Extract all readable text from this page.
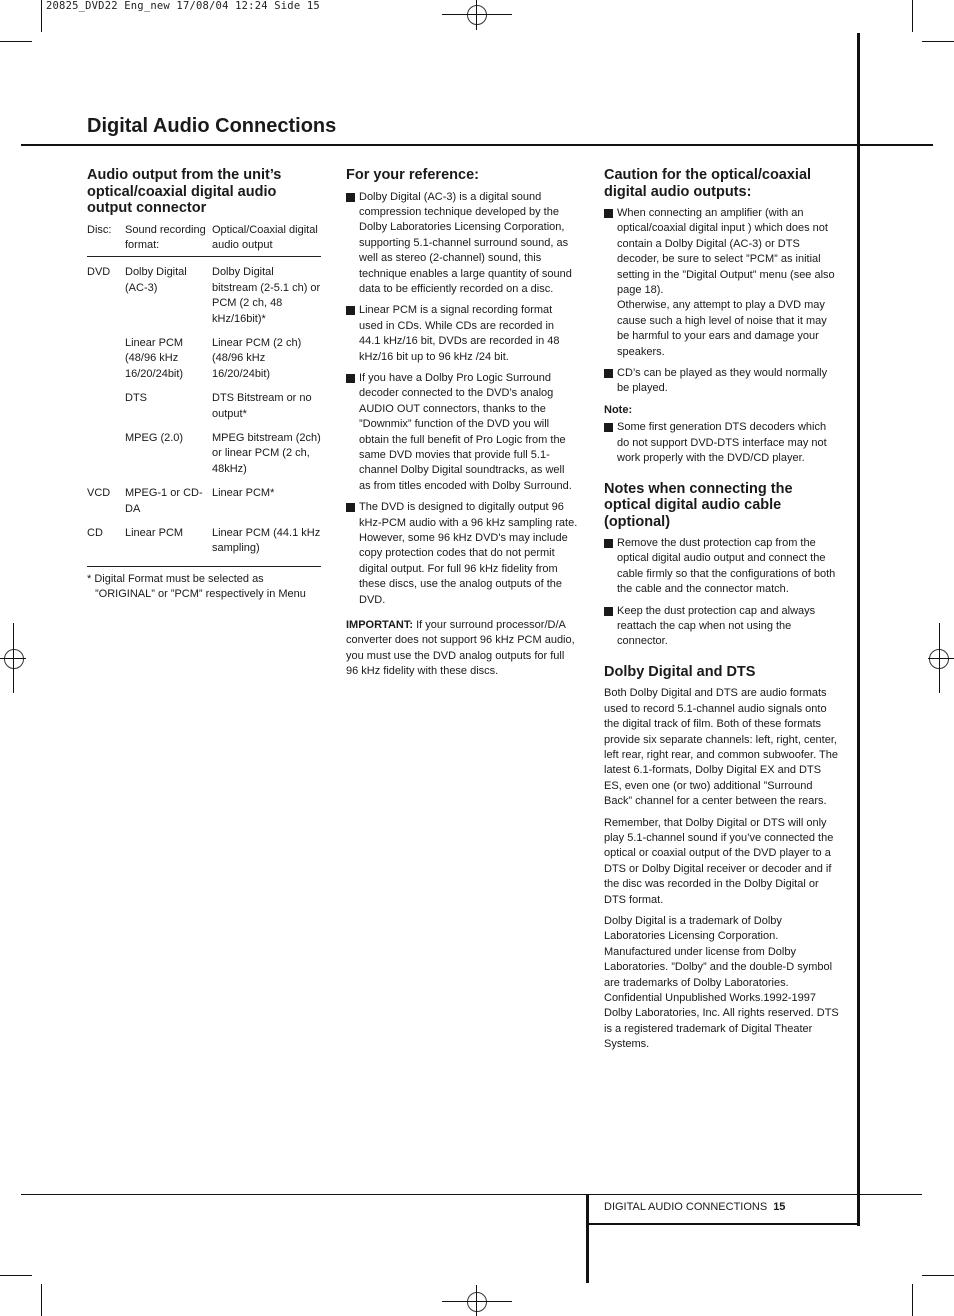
20825_DVD22 Eng_new 17/08/04 12:24 Side 15
Digital Audio Connections
Audio output from the unit’s optical/coaxial digital audio output connector
Disc:	Sound recording format:	Optical/Coaxial digital audio output
DVD	Dolby Digital (AC-3)	Dolby Digital bitstream (2-5.1 ch) or PCM (2 ch, 48 kHz/16bit)*
	Linear PCM (48/96 kHz 16/20/24bit)	Linear PCM (2 ch) (48/96 kHz 16/20/24bit)
	DTS	DTS Bitstream or no output*
	MPEG (2.0)	MPEG bitstream (2ch) or linear PCM (2 ch, 48kHz)
VCD	MPEG-1 or CD-DA	Linear PCM*
CD	Linear PCM	Linear PCM (44.1 kHz sampling)

* Digital Format must be selected as ”ORIGINAL” or ”PCM” respectively in Menu

For your reference:
Dolby Digital (AC-3) is a digital sound compression technique developed by the Dolby Laboratories Licensing Corporation, supporting 5.1-channel surround sound, as well as stereo (2-channel) sound, this technique enables a large quantity of sound data to be efficiently recorded on a disc.
Linear PCM is a signal recording format used in CDs. While CDs are recorded in 44.1 kHz/16 bit, DVDs are recorded in 48 kHz/16 bit up to 96 kHz /24 bit.
If you have a Dolby Pro Logic Surround decoder connected to the DVD’s analog AUDIO OUT connectors, thanks to the ”Downmix” function of the DVD you will obtain the full benefit of Pro Logic from the same DVD movies that provide full 5.1-channel Dolby Digital soundtracks, as well as from titles encoded with Dolby Surround.
The DVD is designed to digitally output 96 kHz-PCM audio with a 96 kHz sampling rate. However, some 96 kHz DVD's may include copy protection codes that do not permit digital output. For full 96 kHz fidelity from these discs, use the analog outputs of the DVD.

IMPORTANT: If your surround processor/D/A converter does not support 96 kHz PCM audio, you must use the DVD analog outputs for full 96 kHz fidelity with these discs.

Caution for the optical/coaxial digital audio outputs:
When connecting an amplifier (with an optical/coaxial digital input ) which does not contain a Dolby Digital (AC-3) or DTS decoder, be sure to select ”PCM” as initial setting in the ”Digital Output” menu (see also page 18).
Otherwise, any attempt to play a DVD may cause such a high level of noise that it may be harmful to your ears and damage your speakers.
CD’s can be played as they would normally be played.
Note:
Some first generation DTS decoders which do not support DVD-DTS interface may not work properly with the DVD/CD player.
Notes when connecting the optical digital audio cable (optional)
Remove the dust protection cap from the optical digital audio output and connect the cable firmly so that the configurations of both the cable and the connector match.
Keep the dust protection cap and always reattach the cap when not using the connector.
Dolby Digital and DTS

Both Dolby Digital and DTS are audio formats used to record 5.1-channel audio signals onto the digital track of film. Both of these formats provide six separate channels: left, right, center, left rear, right rear, and common subwoofer. The latest 6.1-formats, Dolby Digital EX and DTS ES, even one (or two) additional ”Surround Back” channel for a center between the rears.

Remember, that Dolby Digital or DTS will only play 5.1-channel sound if you’ve connected the optical or coaxial output of the DVD player to a DTS or Dolby Digital receiver or decoder and if the disc was recorded in the Dolby Digital or DTS format.

Dolby Digital is a trademark of Dolby Laboratories Licensing Corporation. Manufactured under license from Dolby Laboratories. ”Dolby” and the double-D symbol are trademarks of Dolby Laboratories. Confidential Unpublished Works.1992-1997 Dolby Laboratories, Inc. All rights reserved. DTS is a registered trademark of Digital Theater Systems.

DIGITAL AUDIO CONNECTIONS 15
